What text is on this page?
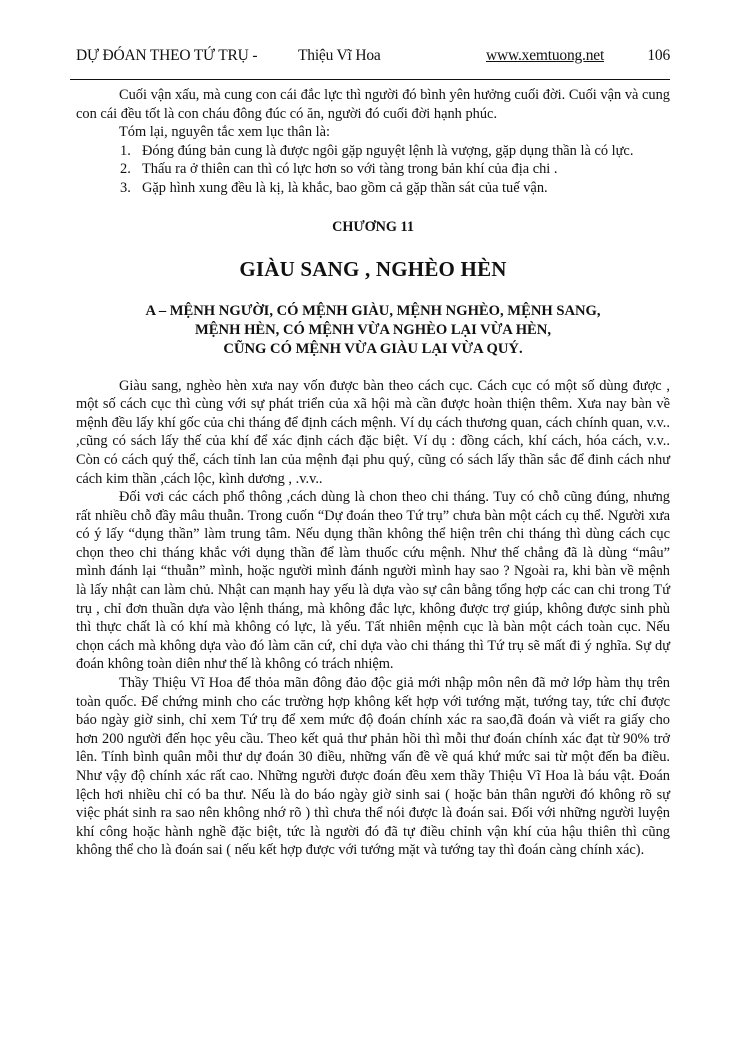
DỰ ĐÓAN THEO TỨ TRỤ -	Thiệu Vĩ Hoa	www.xemtuong.net	106

Cuối vận xấu, mà cung con cái đắc lực thì người đó bình yên hưởng cuối đời. Cuối vận và cung con cái đều tốt là con cháu đông đúc có ăn, người đó cuối đời hạnh phúc.

Tóm lại, nguyên tắc xem lục thân là:

1. Đóng đúng bản cung là được ngôi gặp nguyệt lệnh là vượng, gặp dụng thần là có lực.
2. Thấu ra ở thiên can thì có lực hơn so với tàng trong bản khí của địa chi .
3. Gặp hình xung đều là kị, là khắc, bao gồm cả gặp thần sát của tuế vận.
CHƯƠNG 11
GIÀU SANG , NGHÈO HÈN
A – MỆNH NGƯỜI, CÓ MỆNH GIÀU, MỆNH NGHÈO, MỆNH SANG,
MỆNH HÈN, CÓ MỆNH VỪA NGHÈO LẠI VỪA HÈN,
CŨNG CÓ MỆNH VỪA GIÀU LẠI VỪA QUÝ.

Giàu sang, nghèo hèn xưa nay vốn được bàn theo cách cục. Cách cục có một số dùng được , một số cách cục thì cùng với sự phát triển của xã hội mà cần được hoàn thiện thêm. Xưa nay bàn về mệnh đều lấy khí gốc của chi tháng để định cách mệnh. Ví dụ cách thương quan, cách chính quan, v.v.. ,cũng có sách lấy thế của khí để xác định cách đặc biệt. Ví dụ : đồng cách, khí cách, hóa cách, v.v.. Còn có cách quý thể, cách tỉnh lan của mệnh đại phu quý, cũng có sách lấy thần sắc để đinh cách như cách kim thần ,cách lộc, kình dương , .v.v..

Đối vơi các cách phổ thông ,cách dùng là chon theo chi tháng. Tuy có chỗ cũng đúng, nhưng rất nhiều chỗ đầy mâu thuẫn. Trong cuốn “Dự đoán theo Tứ trụ” chưa bàn một cách cụ thể. Người xưa có ý lấy “dụng thần” làm trung tâm. Nếu dụng thần không thể hiện trên chi tháng thì dùng cách cục chọn theo chi tháng khắc với dụng thần để làm thuốc cứu mệnh. Như thế chẳng đã là dùng “mâu” mình đánh lại “thuẫn” mình, hoặc người mình đánh người mình hay sao ? Ngoài ra, khi bàn về mệnh là lấy nhật can làm chủ. Nhật can mạnh hay yếu là dựa vào sự cân bằng tổng hợp các can chi trong Tứ trụ , chỉ đơn thuần dựa vào lệnh tháng, mà không đắc lực, không được trợ giúp, không được sinh phù thì thực chất là có khí mà không có lực, là yếu. Tất nhiên mệnh cục là bàn một cách toàn cục. Nếu chọn cách mà không dựa vào đó làm căn cứ, chỉ dựa vào chi tháng thì Tứ trụ sẽ mất đi ý nghĩa. Sự dự đoán không toàn diên như thế là không có trách nhiệm.

Thầy Thiệu Vĩ Hoa để thỏa mãn đông đảo độc giả mới nhập môn nên đã mở lớp hàm thụ trên toàn quốc. Để chứng minh cho các trường hợp không kết hợp với tướng mặt, tướng tay, tức chỉ được báo ngày giờ sinh, chỉ xem Tứ trụ để xem mức độ đoán chính xác ra sao,đã đoán và viết ra giấy cho hơn 200 người đến học yêu cầu. Theo kết quả thư phản hồi thì mỗi thư đoán chính xác đạt từ 90% trở lên. Tính bình quân mỗi thư dự đoán 30 điều, những vấn đề về quá khứ mức sai từ một đến ba điều. Như vậy độ chính xác rất cao. Những người được đoán đều xem thầy Thiệu Vĩ Hoa là báu vật. Đoán lệch hơi nhiều chỉ có ba thư. Nếu là do báo ngày giờ sinh sai ( hoặc bản thân người đó không rõ sự việc phát sinh ra sao nên không nhớ rõ ) thì chưa thể nói được là đoán sai. Đối với những người luyện khí công hoặc hành nghề đặc biệt, tức là người đó đã tự điều chỉnh vận khí của hậu thiên thì cũng không thể cho là đoán sai ( nếu kết hợp được với tướng mặt và tướng tay thì đoán càng chính xác).
